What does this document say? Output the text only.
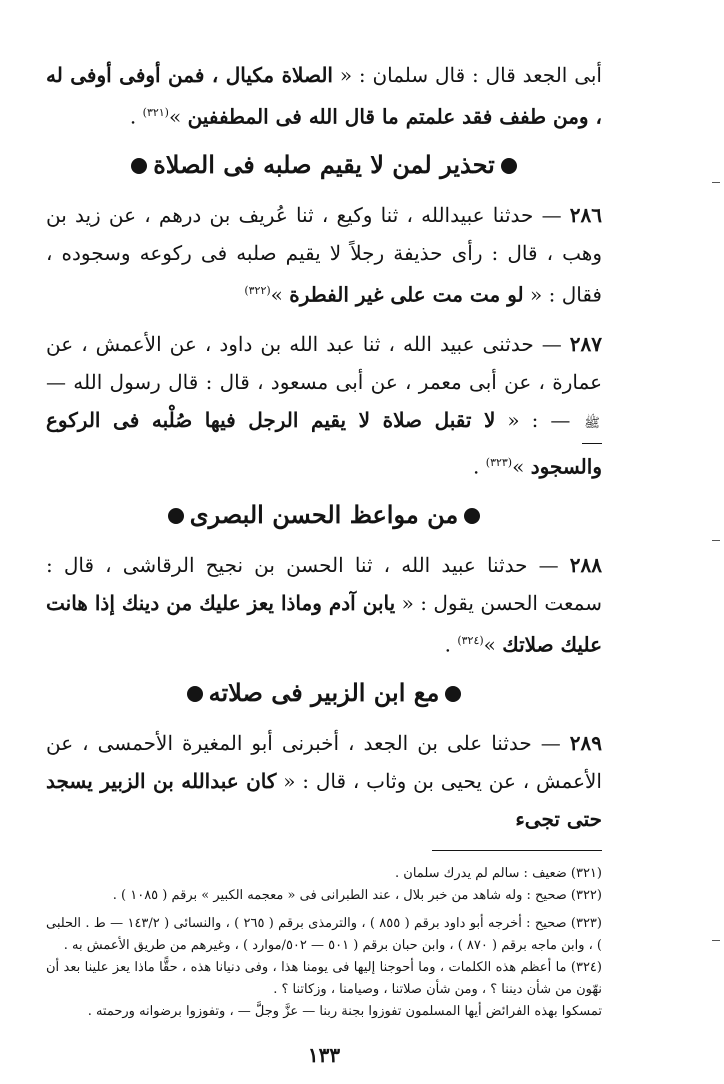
أبى الجعد قال : قال سلمان : « الصلاة مكيال ، فمن أوفى أوفى له ، ومن طفف فقد علمتم ما قال الله فى المطففين »$^{(٣٢١)}$ .

تحذير لمن لا يقيم صلبه فى الصلاة

٢٨٦ — حدثنا عبيدالله ، ثنا وكيع ، ثنا عُريف بن درهم ، عن زيد بن وهب ، قال : رأى حذيفة رجلاً لا يقيم صلبه فى ركوعه وسجوده ، فقال : « لو مت مت على غير الفطرة »$^{(٣٢٢)}$

٢٨٧ — حدثنى عبيد الله ، ثنا عبد الله بن داود ، عن الأعمش ، عن عمارة ، عن أبى معمر ، عن أبى مسعود ، قال : قال رسول الله — ﷺ — : « لا تقبل صلاة لا يقيم الرجل فيها صُلْبه فى الركوع والسجود »$^{(٣٢٣)}$ .

من مواعظ الحسن البصرى

٢٨٨ — حدثنا عبيد الله ، ثنا الحسن بن نجيح الرقاشى ، قال : سمعت الحسن يقول : « يابن آدم وماذا يعز عليك من دينك إذا هانت عليك صلاتك »$^{(٣٢٤)}$ .

مع ابن الزبير فى صلاته

٢٨٩ — حدثنا على بن الجعد ، أخبرنى أبو المغيرة الأحمسى ، عن الأعمش ، عن يحيى بن وثاب ، قال : « كان عبدالله بن الزبير يسجد حتى تجىء

(٣٢١) ضعيف : سالم لم يدرك سلمان .

(٣٢٢) صحيح : وله شاهد من خبر بلال ، عند الطبرانى فى « معجمه الكبير » برقم ( ١٠٨٥ ) .

(٣٢٣) صحيح : أخرجه أبو داود برقم ( ٨٥٥ ) ، والترمذى برقم ( ٢٦٥ ) ، والنسائى ( ١٤٣/٢ — ط . الحلبى ) ، وابن ماجه برقم ( ٨٧٠ ) ، وابن حبان برقم ( ٥٠١ — ٥٠٢/موارد ) ، وغيرهم من طريق الأعمش به .

(٣٢٤) ما أعظم هذه الكلمات ، وما أحوجنا إليها فى يومنا هذا ، وفى دنيانا هذه ، حقًّا ماذا يعز علينا بعد أن نهّون من شأن ديننا ؟ ، ومن شأن صلاتنا ، وصيامنا ، وزكاتنا ؟ .

تمسكوا بهذه الفرائض أيها المسلمون تفوزوا بجنة ربنا — عزَّ وجلَّ — ، وتفوزوا برضوانه ورحمته .

١٣٣
